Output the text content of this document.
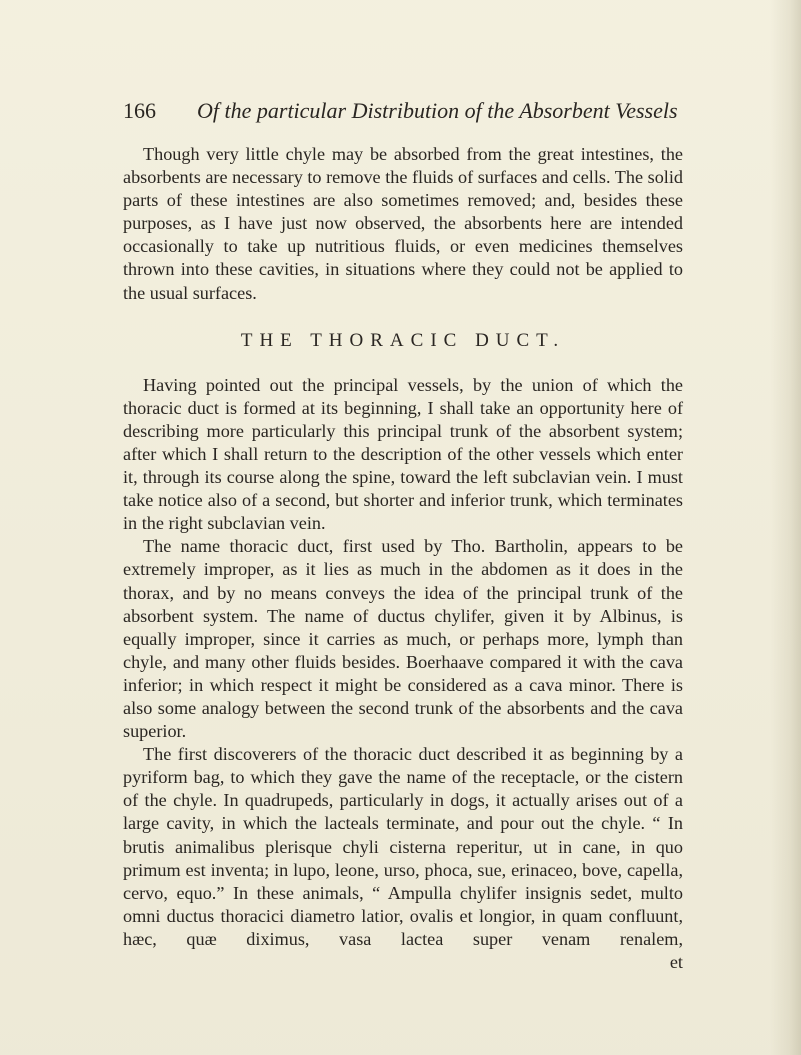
166 Of the particular Distribution of the Absorbent Vessels

Though very little chyle may be absorbed from the great intestines, the absorbents are necessary to remove the fluids of surfaces and cells. The solid parts of these intestines are also sometimes removed; and, besides these purposes, as I have just now observed, the absorbents here are intended occasionally to take up nutritious fluids, or even medicines themselves thrown into these cavities, in situations where they could not be applied to the usual surfaces.

THE THORACIC DUCT.

Having pointed out the principal vessels, by the union of which the thoracic duct is formed at its beginning, I shall take an opportunity here of describing more particularly this principal trunk of the absorbent system; after which I shall return to the description of the other vessels which enter it, through its course along the spine, toward the left subclavian vein. I must take notice also of a second, but shorter and inferior trunk, which terminates in the right subclavian vein.

The name thoracic duct, first used by Tho. Bartholin, appears to be extremely improper, as it lies as much in the abdomen as it does in the thorax, and by no means conveys the idea of the principal trunk of the absorbent system. The name of ductus chylifer, given it by Albinus, is equally improper, since it carries as much, or perhaps more, lymph than chyle, and many other fluids besides. Boerhaave compared it with the cava inferior; in which respect it might be considered as a cava minor. There is also some analogy between the second trunk of the absorbents and the cava superior.

The first discoverers of the thoracic duct described it as beginning by a pyriform bag, to which they gave the name of the receptacle, or the cistern of the chyle. In quadrupeds, particularly in dogs, it actually arises out of a large cavity, in which the lacteals terminate, and pour out the chyle. “ In brutis animalibus plerisque chyli cisterna reperitur, ut in cane, in quo primum est inventa; in lupo, leone, urso, phoca, sue, erinaceo, bove, capella, cervo, equo.” In these animals, “ Ampulla chylifer insignis sedet, multo omni ductus thoracici diametro latior, ovalis et longior, in quam confluunt, hæc, quæ diximus, vasa lactea super venam renalem,

et
